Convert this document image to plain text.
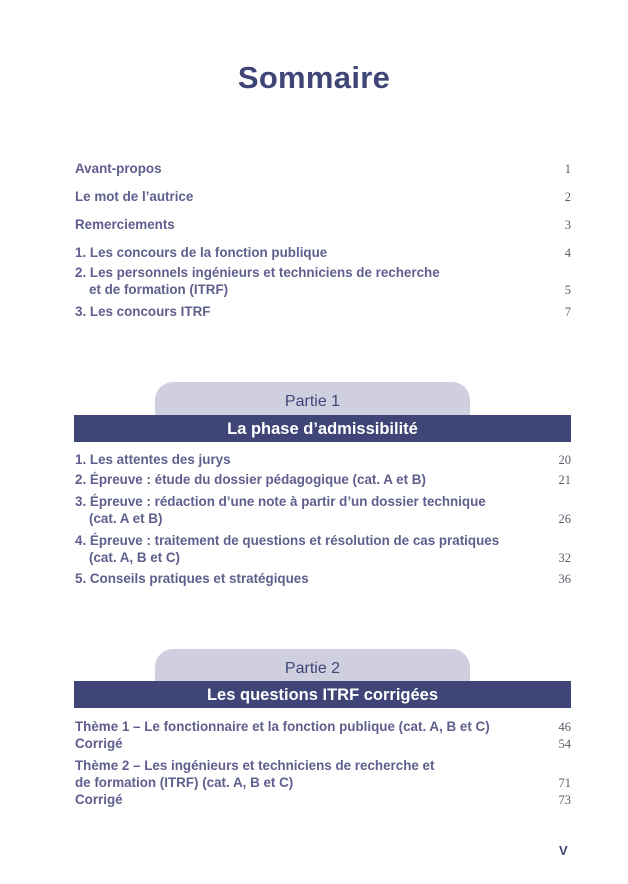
Sommaire
Avant-propos	1
Le mot de l’autrice	2
Remerciements	3
1. Les concours de la fonction publique	4
2. Les personnels ingénieurs et techniciens de recherche
et de formation (ITRF)	5
3. Les concours ITRF	7
Partie 1
La phase d’admissibilité
1. Les attentes des jurys	20
2. Épreuve : étude du dossier pédagogique (cat. A et B)	21
3. Épreuve : rédaction d’une note à partir d’un dossier technique
(cat. A et B)	26
4. Épreuve : traitement de questions et résolution de cas pratiques
(cat. A, B et C)	32
5. Conseils pratiques et stratégiques	36
Partie 2
Les questions ITRF corrigées
Thème 1 – Le fonctionnaire et la fonction publique (cat. A, B et C)	46
Corrigé	54
Thème 2 – Les ingénieurs et techniciens de recherche et
de formation (ITRF) (cat. A, B et C)	71
Corrigé	73
V
